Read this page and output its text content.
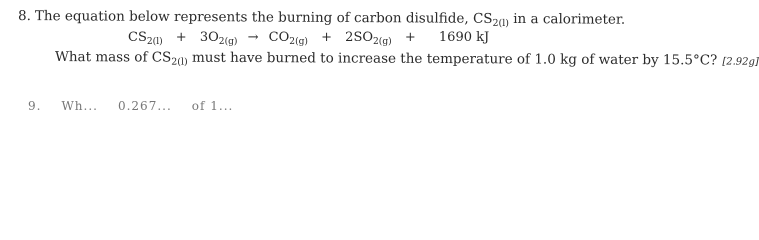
8. The equation below represents the burning of carbon disulfide, $CS_{2(l)}$ in a calorimeter.
$CS_{2(l)} + 3O_{2(g)} \to CO_{2(g)} + 2SO_{2(g)} + 1690$ kJ
What mass of $CS_{2(l)}$ must have burned to increase the temperature of 1.0 kg of water by 15.5°C? [2.92g]
9. Wh... 0.267... of 1...
